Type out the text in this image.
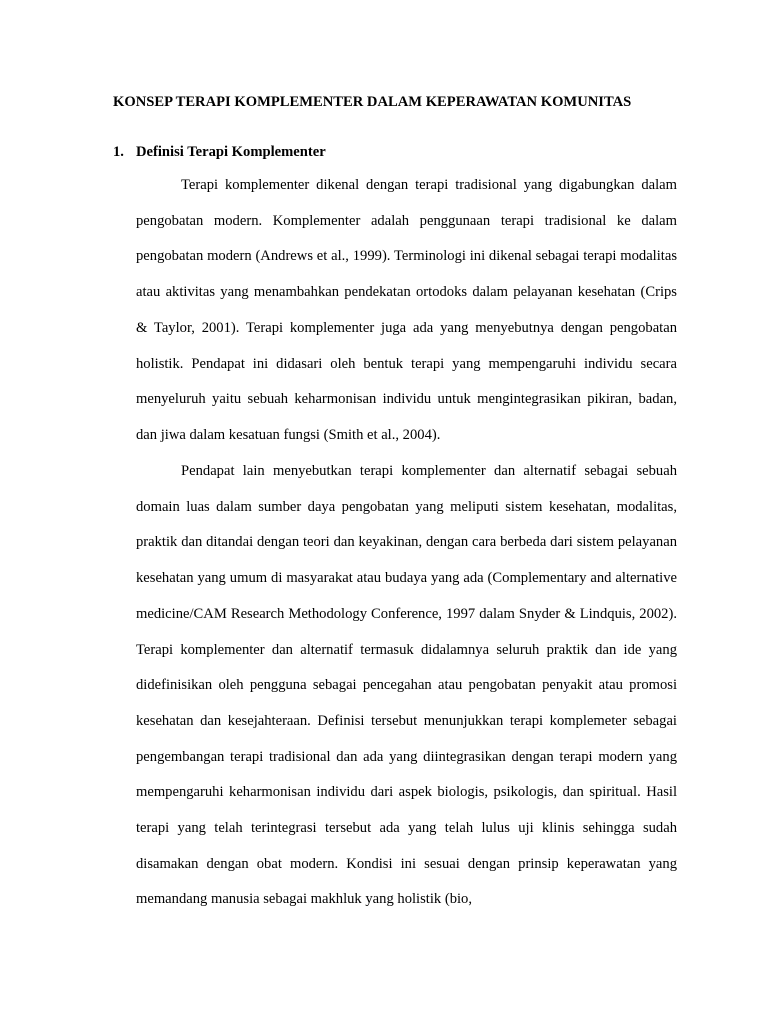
KONSEP TERAPI KOMPLEMENTER DALAM KEPERAWATAN KOMUNITAS
1. Definisi Terapi Komplementer

Terapi komplementer dikenal dengan terapi tradisional yang digabungkan dalam pengobatan modern. Komplementer adalah penggunaan terapi tradisional ke dalam pengobatan modern (Andrews et al., 1999). Terminologi ini dikenal sebagai terapi modalitas atau aktivitas yang menambahkan pendekatan ortodoks dalam pelayanan kesehatan (Crips & Taylor, 2001). Terapi komplementer juga ada yang menyebutnya dengan pengobatan holistik. Pendapat ini didasari oleh bentuk terapi yang mempengaruhi individu secara menyeluruh yaitu sebuah keharmonisan individu untuk mengintegrasikan pikiran, badan, dan jiwa dalam kesatuan fungsi (Smith et al., 2004).

Pendapat lain menyebutkan terapi komplementer dan alternatif sebagai sebuah domain luas dalam sumber daya pengobatan yang meliputi sistem kesehatan, modalitas, praktik dan ditandai dengan teori dan keyakinan, dengan cara berbeda dari sistem pelayanan kesehatan yang umum di masyarakat atau budaya yang ada (Complementary and alternative medicine/CAM Research Methodology Conference, 1997 dalam Snyder & Lindquis, 2002). Terapi komplementer dan alternatif termasuk didalamnya seluruh praktik dan ide yang didefinisikan oleh pengguna sebagai pencegahan atau pengobatan penyakit atau promosi kesehatan dan kesejahteraan. Definisi tersebut menunjukkan terapi komplemeter sebagai pengembangan terapi tradisional dan ada yang diintegrasikan dengan terapi modern yang mempengaruhi keharmonisan individu dari aspek biologis, psikologis, dan spiritual. Hasil terapi yang telah terintegrasi tersebut ada yang telah lulus uji klinis sehingga sudah disamakan dengan obat modern. Kondisi ini sesuai dengan prinsip keperawatan yang memandang manusia sebagai makhluk yang holistik (bio,
